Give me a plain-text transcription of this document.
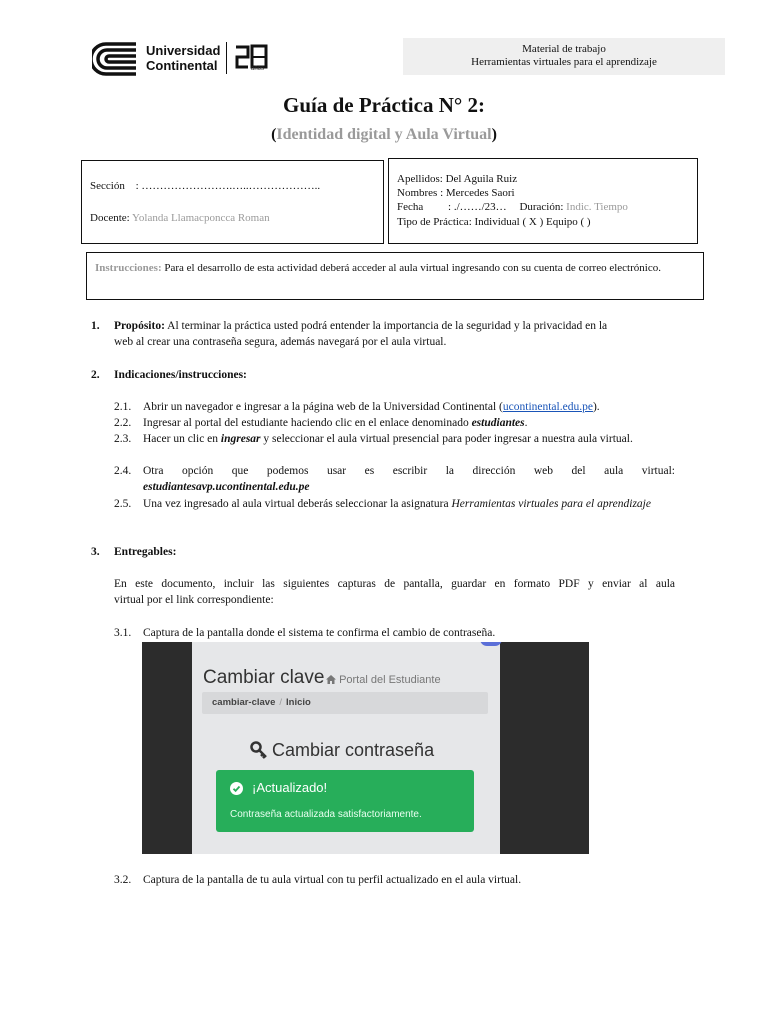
Universidad
Continental	años
Material de trabajo
Herramientas virtuales para el aprendizaje
Guía de Práctica N° 2:
(Identidad digital y Aula Virtual)
Sección : …………………….…..………………..
Docente: Yolanda Llamacponcca Roman
Apellidos: Del Aguila Ruiz
Nombres : Mercedes Saori
Fecha : ./……/23… Duración: Indic. Tiempo
Tipo de Práctica: Individual ( X ) Equipo ( )
Instrucciones: Para el desarrollo de esta actividad deberá acceder al aula virtual ingresando con su cuenta de correo electrónico.
1. Propósito: Al terminar la práctica usted podrá entender la importancia de la seguridad y la privacidad en la
web al crear una contraseña segura, además navegará por el aula virtual.
2. Indicaciones/instrucciones:
2.1. Abrir un navegador e ingresar a la página web de la Universidad Continental (ucontinental.edu.pe).
2.2. Ingresar al portal del estudiante haciendo clic en el enlace denominado estudiantes.
2.3. Hacer un clic en ingresar y seleccionar el aula virtual presencial para poder ingresar a nuestra aula virtual.
2.4. Otra opción que podemos usar es escribir la dirección web del aula virtual:
estudiantesavp.ucontinental.edu.pe
2.5. Una vez ingresado al aula virtual deberás seleccionar la asignatura Herramientas virtuales para el aprendizaje
3. Entregables:
En este documento, incluir las siguientes capturas de pantalla, guardar en formato PDF y enviar al aula
virtual por el link correspondiente:
3.1. Captura de la pantalla donde el sistema te confirma el cambio de contraseña.
Cambiar clave	Portal del Estudiante
cambiar-clave / Inicio
Cambiar contraseña
¡Actualizado!
Contraseña actualizada satisfactoriamente.
3.2. Captura de la pantalla de tu aula virtual con tu perfil actualizado en el aula virtual.
